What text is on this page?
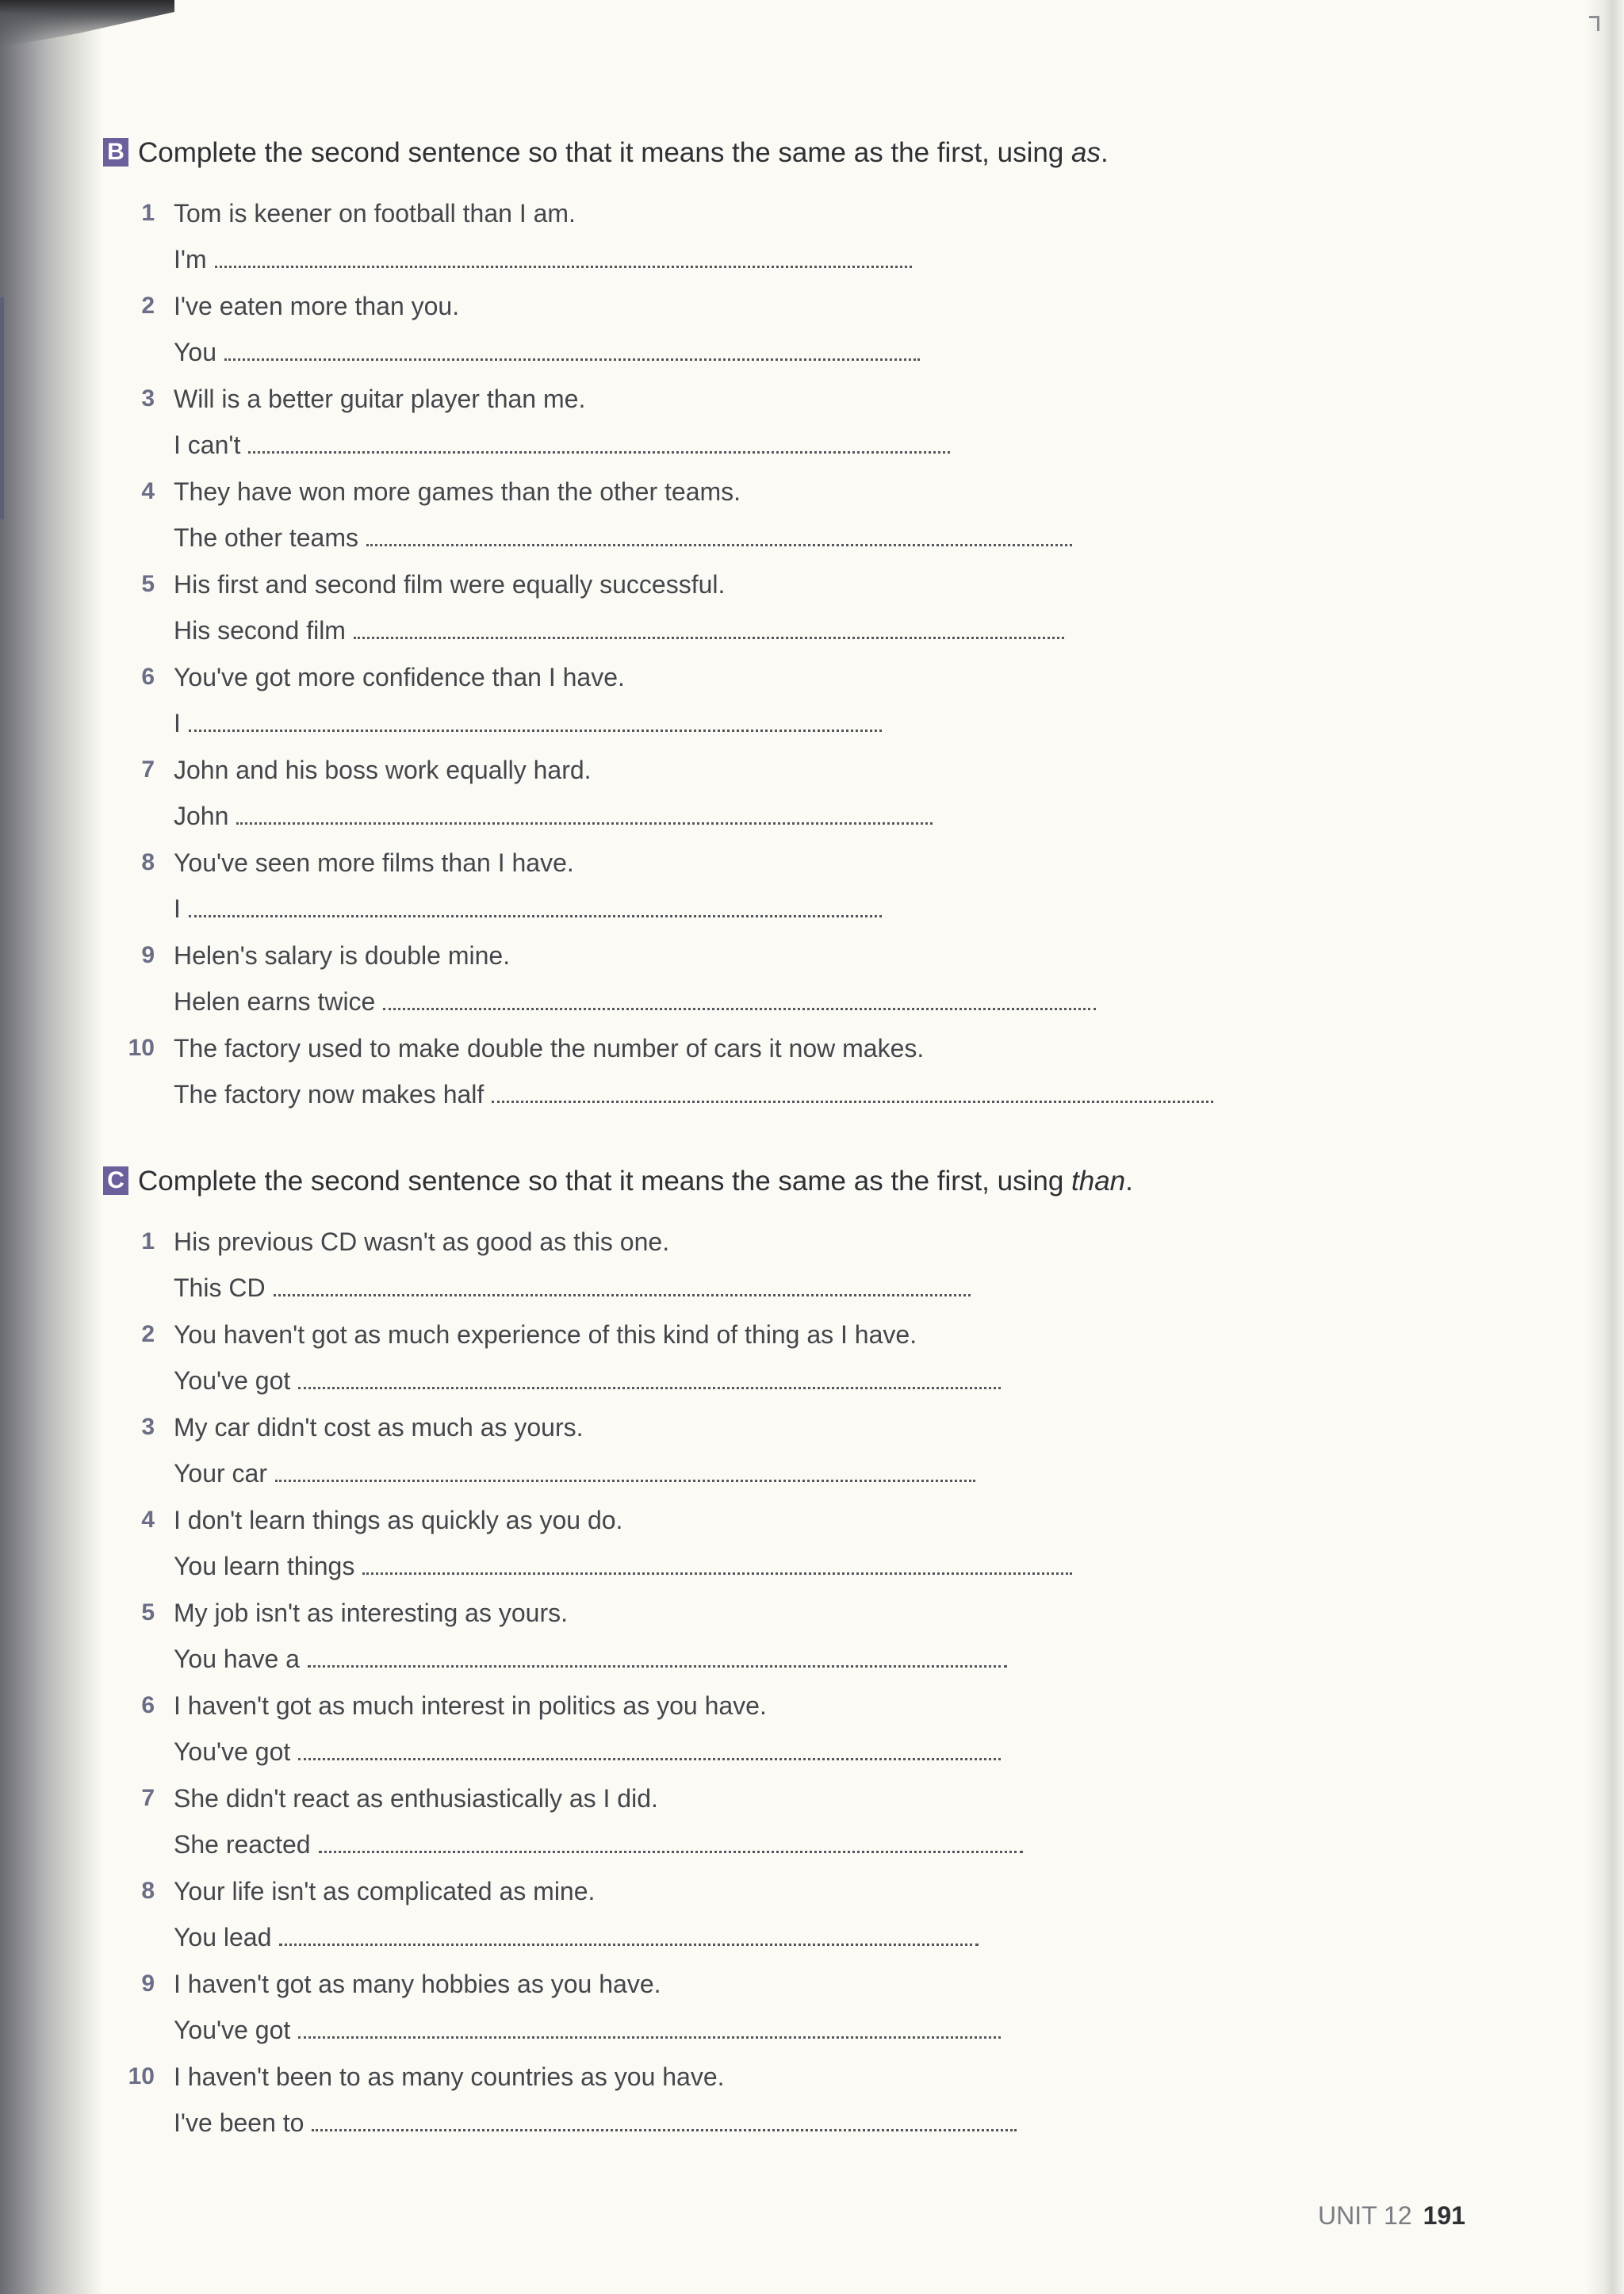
B Complete the second sentence so that it means the same as the first, using as.
1 Tom is keener on football than I am.
I'm
2 I've eaten more than you.
You
3 Will is a better guitar player than me.
I can't
4 They have won more games than the other teams.
The other teams
5 His first and second film were equally successful.
His second film
6 You've got more confidence than I have.
I
7 John and his boss work equally hard.
John
8 You've seen more films than I have.
I
9 Helen's salary is double mine.
Helen earns twice
10 The factory used to make double the number of cars it now makes.
The factory now makes half
C Complete the second sentence so that it means the same as the first, using than.
1 His previous CD wasn't as good as this one.
This CD
2 You haven't got as much experience of this kind of thing as I have.
You've got
3 My car didn't cost as much as yours.
Your car
4 I don't learn things as quickly as you do.
You learn things
5 My job isn't as interesting as yours.
You have a
6 I haven't got as much interest in politics as you have.
You've got
7 She didn't react as enthusiastically as I did.
She reacted
8 Your life isn't as complicated as mine.
You lead
9 I haven't got as many hobbies as you have.
You've got
10 I haven't been to as many countries as you have.
I've been to
UNIT 12 191
